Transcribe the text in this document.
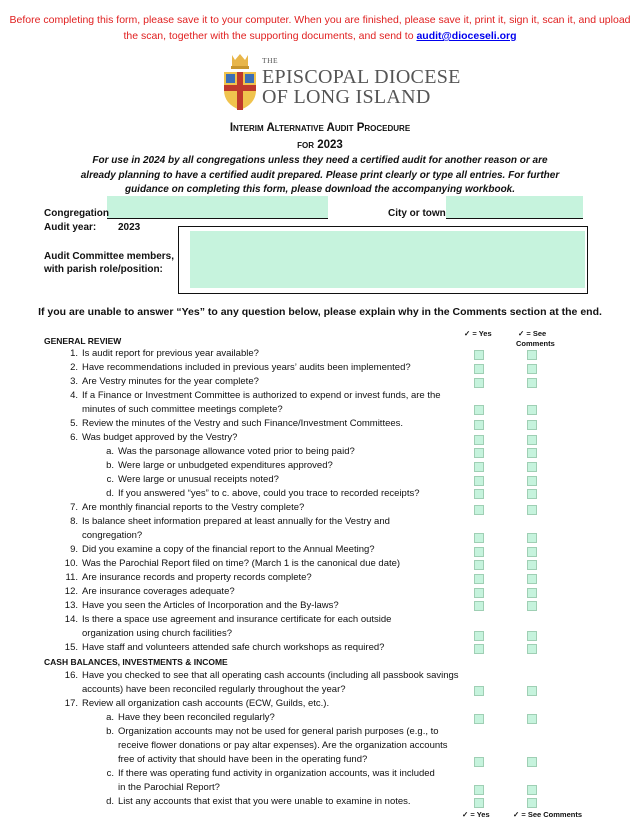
Before completing this form, please save it to your computer. When you are finished, please save it, print it, sign it, scan it, and upload the scan, together with the supporting documents, and send to audit@dioceseli.org
THE
EPISCOPAL DIOCESE
OF LONG ISLAND
Interim Alternative Audit Procedure
for 2023
For use in 2024 by all congregations unless they need a certified audit for another reason or are already planning to have a certified audit prepared. Please print clearly or type all entries. For further guidance on completing this form, please download the accompanying workbook.
Congregation	City or town
Audit year: 2023
Audit Committee members,
with parish role/position:
If you are unable to answer “Yes” to any question below, please explain why in the Comments section at the end.
✓ = Yes	✓ = See
Comments
GENERAL REVIEW
1. Is audit report for previous year available?
2. Have recommendations included in previous years’ audits been implemented?
3. Are Vestry minutes for the year complete?
4. If a Finance or Investment Committee is authorized to expend or invest funds, are the minutes of such committee meetings complete?
5. Review the minutes of the Vestry and such Finance/Investment Committees.
6. Was budget approved by the Vestry?
a. Was the parsonage allowance voted prior to being paid?
b. Were large or unbudgeted expenditures approved?
c. Were large or unusual receipts noted?
d. If you answered “yes” to c. above, could you trace to recorded receipts?
7. Are monthly financial reports to the Vestry complete?
8. Is balance sheet information prepared at least annually for the Vestry and congregation?
9. Did you examine a copy of the financial report to the Annual Meeting?
10. Was the Parochial Report filed on time? (March 1 is the canonical due date)
11. Are insurance records and property records complete?
12. Are insurance coverages adequate?
13. Have you seen the Articles of Incorporation and the By-laws?
14. Is there a space use agreement and insurance certificate for each outside organization using church facilities?
15. Have staff and volunteers attended safe church workshops as required?
CASH BALANCES, INVESTMENTS & INCOME
16. Have you checked to see that all operating cash accounts (including all passbook savings accounts) have been reconciled regularly throughout the year?
17. Review all organization cash accounts (ECW, Guilds, etc.).
a. Have they been reconciled regularly?
b. Organization accounts may not be used for general parish purposes (e.g., to receive flower donations or pay altar expenses). Are the organization accounts free of activity that should have been in the operating fund?
c. If there was operating fund activity in organization accounts, was it included in the Parochial Report?
d. List any accounts that exist that you were unable to examine in notes.
✓ = Yes	✓ = See Comments
